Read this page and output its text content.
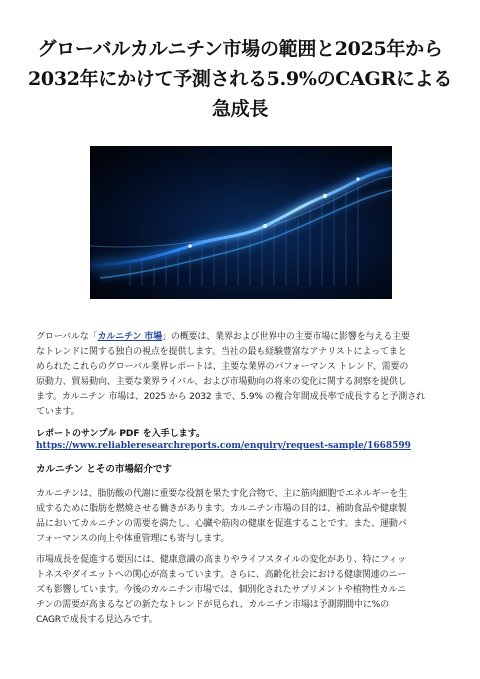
グローバルカルニチン市場の範囲と2025年から
2032年にかけて予測される5.9%のCAGRによる
急成長

グローバルな「カルニチン 市場」の概要は、業界および世界中の主要市場に影響を与える主要
なトレンドに関する独自の視点を提供します。当社の最も経験豊富なアナリストによってまと
められたこれらのグローバル業界レポートは、主要な業界のパフォーマンス トレンド、需要の
原動力、貿易動向、主要な業界ライバル、および市場動向の将来の変化に関する洞察を提供し
ます。カルニチン 市場は、2025 から 2032 まで、5.9% の複合年間成長率で成長すると予測され
ています。

レポートのサンプル PDF を入手します。

https://www.reliableresearchreports.com/enquiry/request-sample/1668599
カルニチン とその市場紹介です

カルニチンは、脂肪酸の代謝に重要な役割を果たす化合物で、主に筋肉細胞でエネルギーを生
成するために脂肪を燃焼させる働きがあります。カルニチン市場の目的は、補助食品や健康製
品においてカルニチンの需要を満たし、心臓や筋肉の健康を促進することです。また、運動パ
フォーマンスの向上や体重管理にも寄与します。

市場成長を促進する要因には、健康意識の高まりやライフスタイルの変化があり、特にフィッ
トネスやダイエットへの関心が高まっています。さらに、高齢化社会における健康関連のニー
ズも影響しています。今後のカルニチン市場では、個別化されたサプリメントや植物性カルニ
チンの需要が高まるなどの新たなトレンドが見られ、カルニチン市場は予測期間中に%の
CAGRで成長する見込みです。
